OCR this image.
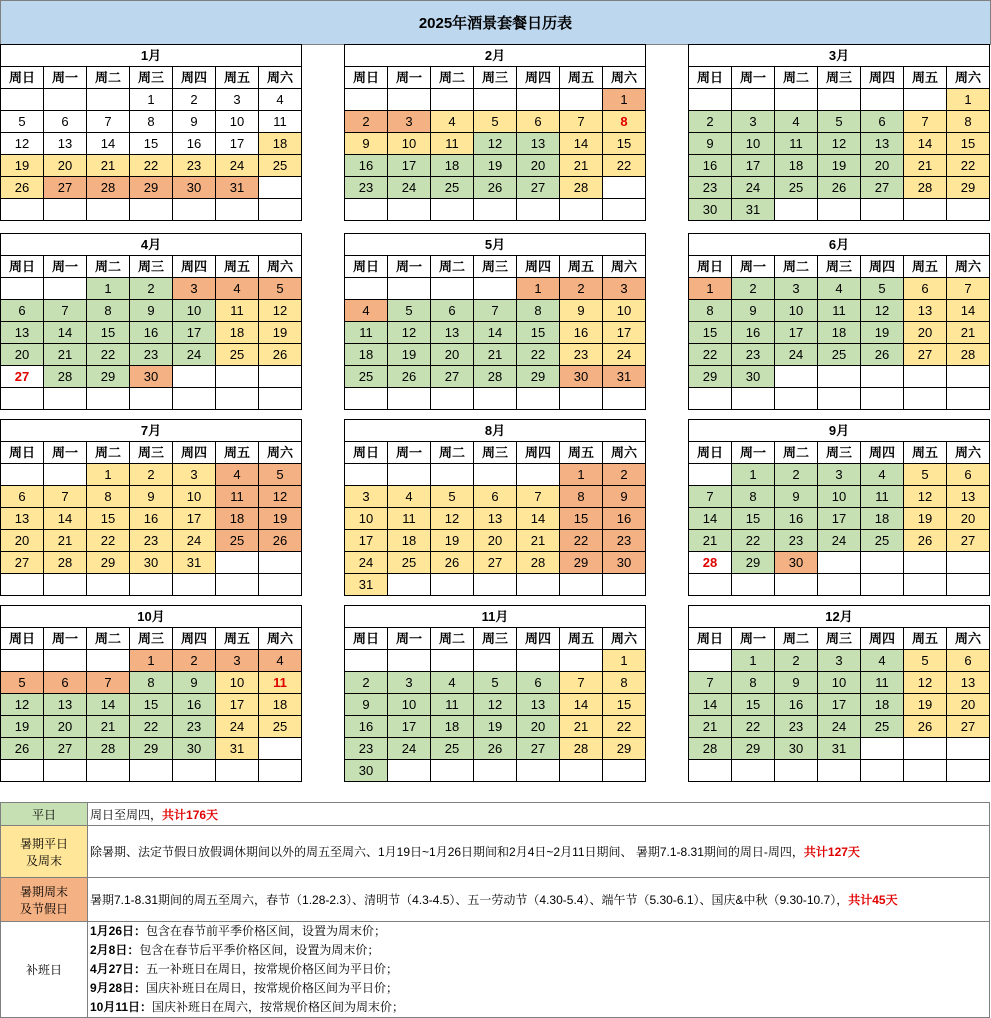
2025年酒景套餐日历表
1月						
周日	周一	周二	周三	周四	周五	周六
			1	2	3	4
5	6	7	8	9	10	11
12	13	14	15	16	17	18
19	20	21	22	23	24	25
26	27	28	29	30	31	

2月						
周日	周一	周二	周三	周四	周五	周六
						1
2	3	4	5	6	7	8
9	10	11	12	13	14	15
16	17	18	19	20	21	22
23	24	25	26	27	28	

3月						
周日	周一	周二	周三	周四	周五	周六
						1
2	3	4	5	6	7	8
9	10	11	12	13	14	15
16	17	18	19	20	21	22
23	24	25	26	27	28	29
30	31					
4月						
周日	周一	周二	周三	周四	周五	周六
		1	2	3	4	5
6	7	8	9	10	11	12
13	14	15	16	17	18	19
20	21	22	23	24	25	26
27	28	29	30			

5月						
周日	周一	周二	周三	周四	周五	周六
				1	2	3
4	5	6	7	8	9	10
11	12	13	14	15	16	17
18	19	20	21	22	23	24
25	26	27	28	29	30	31

6月						
周日	周一	周二	周三	周四	周五	周六
1	2	3	4	5	6	7
8	9	10	11	12	13	14
15	16	17	18	19	20	21
22	23	24	25	26	27	28
29	30					

7月						
周日	周一	周二	周三	周四	周五	周六
		1	2	3	4	5
6	7	8	9	10	11	12
13	14	15	16	17	18	19
20	21	22	23	24	25	26
27	28	29	30	31		

8月						
周日	周一	周二	周三	周四	周五	周六
					1	2
3	4	5	6	7	8	9
10	11	12	13	14	15	16
17	18	19	20	21	22	23
24	25	26	27	28	29	30
31						
9月						
周日	周一	周二	周三	周四	周五	周六
	1	2	3	4	5	6
7	8	9	10	11	12	13
14	15	16	17	18	19	20
21	22	23	24	25	26	27
28	29	30				

10月						
周日	周一	周二	周三	周四	周五	周六
			1	2	3	4
5	6	7	8	9	10	11
12	13	14	15	16	17	18
19	20	21	22	23	24	25
26	27	28	29	30	31	

11月						
周日	周一	周二	周三	周四	周五	周六
						1
2	3	4	5	6	7	8
9	10	11	12	13	14	15
16	17	18	19	20	21	22
23	24	25	26	27	28	29
30						
12月						
周日	周一	周二	周三	周四	周五	周六
	1	2	3	4	5	6
7	8	9	10	11	12	13
14	15	16	17	18	19	20
21	22	23	24	25	26	27
28	29	30	31			

平日	周日至周四，共计176天
暑期平日
及周末	除暑期、法定节假日放假调休期间以外的周五至周六、1月19日~1月26日期间和2月4日~2月11日期间、 暑期7.1-8.31期间的周日-周四，共计127天
暑期周末
及节假日	暑期7.1-8.31期间的周五至周六，春节（1.28-2.3）、清明节（4.3-4.5）、五一劳动节（4.30-5.4）、端午节（5.30-6.1）、国庆&中秋（9.30-10.7），共计45天
补班日	1月26日：包含在春节前平季价格区间，设置为周末价；
2月8日：包含在春节后平季价格区间，设置为周末价；
4月27日：五一补班日在周日，按常规价格区间为平日价；
9月28日：国庆补班日在周日，按常规价格区间为平日价；
10月11日：国庆补班日在周六，按常规价格区间为周末价；
